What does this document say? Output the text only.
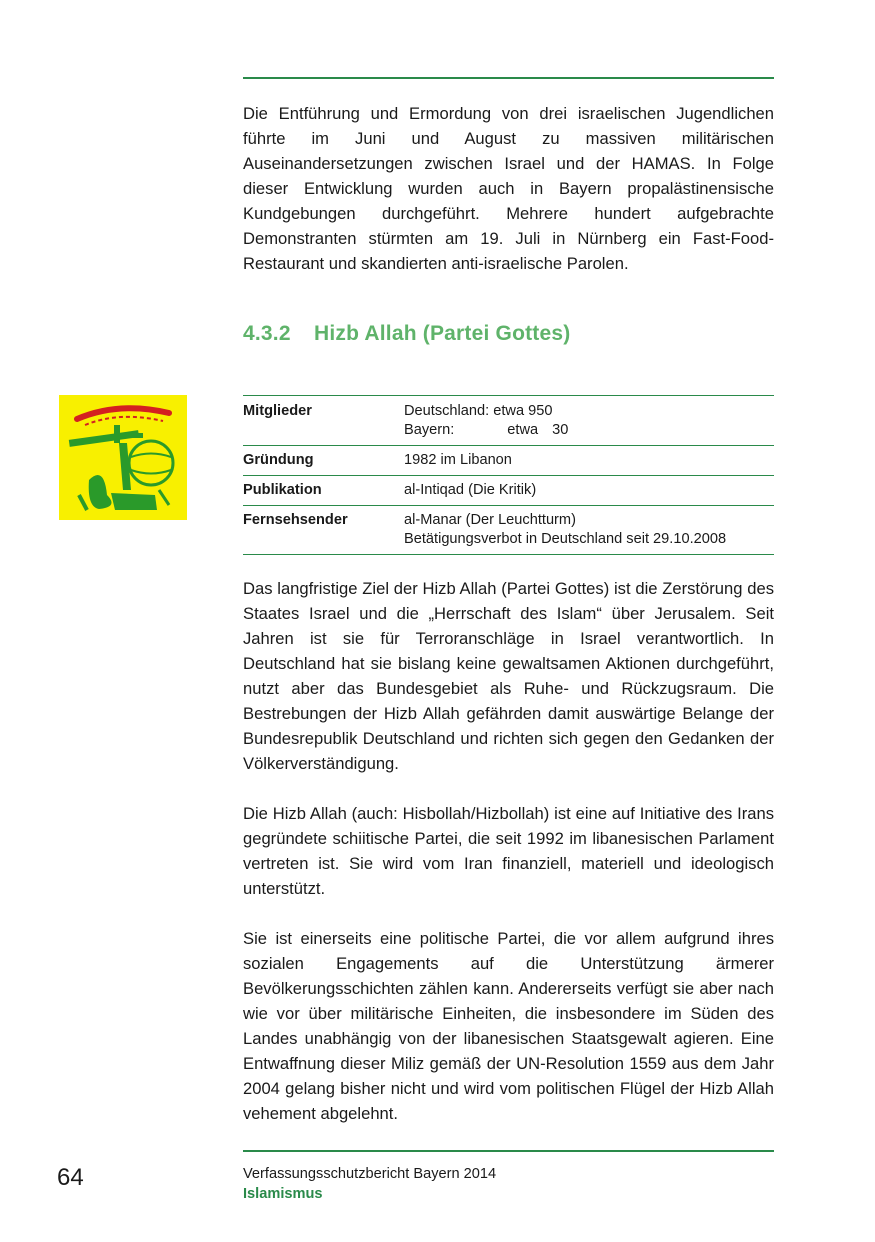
Die Entführung und Ermordung von drei israelischen Jugendlichen führte im Juni und August zu massiven militärischen Auseinandersetzungen zwischen Israel und der HAMAS. In Folge dieser Entwicklung wurden auch in Bayern propalästinensische Kundgebungen durchgeführt. Mehrere hundert aufgebrachte Demonstranten stürmten am 19. Juli in Nürnberg ein Fast-Food-Restaurant und skandierten anti-israelische Parolen.

4.3.2 Hizb Allah (Partei Gottes)
Mitglieder	Deutschland: etwa 950
Bayern: etwa 30

Gründung	1982 im Libanon
Publikation	al-Intiqad (Die Kritik)
Fernsehsender	al-Manar (Der Leuchtturm)
Betätigungsverbot in Deutschland seit 29.10.2008

Das langfristige Ziel der Hizb Allah (Partei Gottes) ist die Zerstörung des Staates Israel und die „Herrschaft des Islam“ über Jerusalem. Seit Jahren ist sie für Terroranschläge in Israel verantwortlich. In Deutschland hat sie bislang keine gewaltsamen Aktionen durchgeführt, nutzt aber das Bundesgebiet als Ruhe- und Rückzugsraum. Die Bestrebungen der Hizb Allah gefährden damit auswärtige Belange der Bundesrepublik Deutschland und richten sich gegen den Gedanken der Völkerverständigung.

Die Hizb Allah (auch: Hisbollah/Hizbollah) ist eine auf Initiative des Irans gegründete schiitische Partei, die seit 1992 im libanesischen Parlament vertreten ist. Sie wird vom Iran finanziell, materiell und ideologisch unterstützt.

Sie ist einerseits eine politische Partei, die vor allem aufgrund ihres sozialen Engagements auf die Unterstützung ärmerer Bevölkerungsschichten zählen kann. Andererseits verfügt sie aber nach wie vor über militärische Einheiten, die insbesondere im Süden des Landes unabhängig von der libanesischen Staatsgewalt agieren. Eine Entwaffnung dieser Miliz gemäß der UN-Resolution 1559 aus dem Jahr 2004 gelang bisher nicht und wird vom politischen Flügel der Hizb Allah vehement abgelehnt.

64	Verfassungsschutzbericht Bayern 2014
Islamismus
